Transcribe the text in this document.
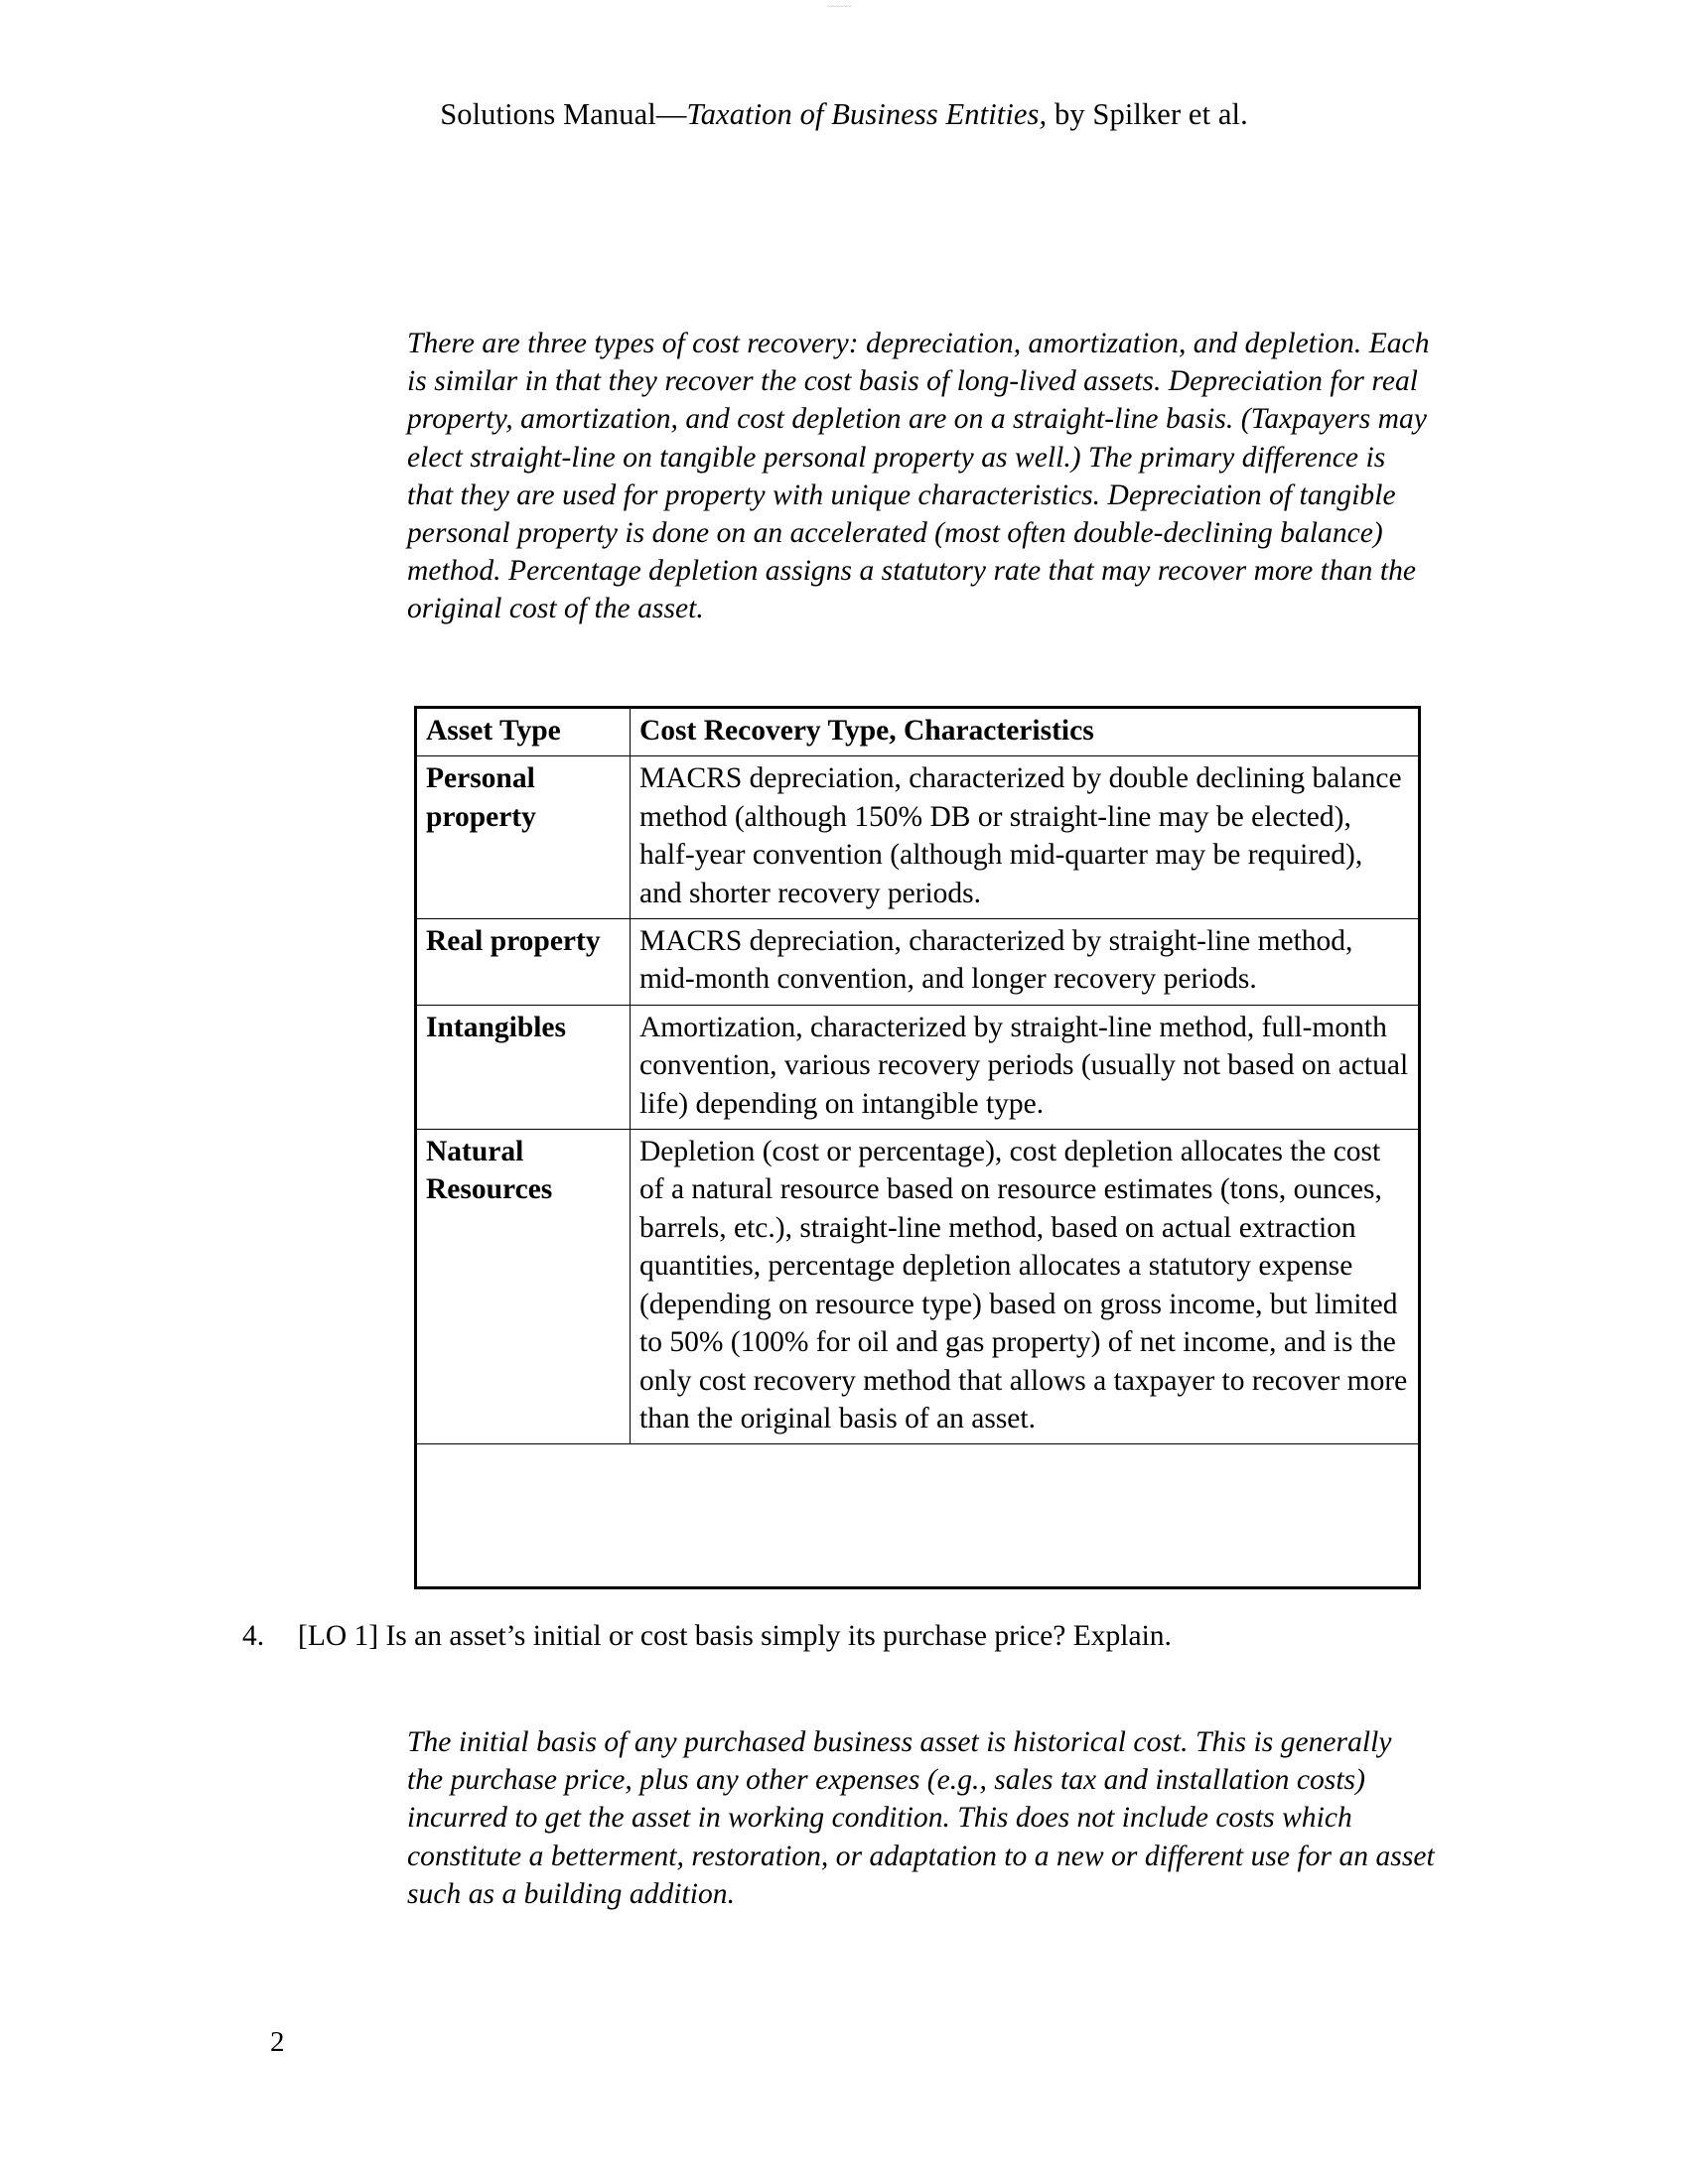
~~~~~~
Solutions Manual—Taxation of Business Entities, by Spilker et al.
There are three types of cost recovery: depreciation, amortization, and depletion. Each is similar in that they recover the cost basis of long-lived assets. Depreciation for real property, amortization, and cost depletion are on a straight-line basis. (Taxpayers may elect straight-line on tangible personal property as well.) The primary difference is that they are used for property with unique characteristics. Depreciation of tangible personal property is done on an accelerated (most often double-declining balance) method. Percentage depletion assigns a statutory rate that may recover more than the original cost of the asset.
Asset Type	Cost Recovery Type, Characteristics
Personal property	MACRS depreciation, characterized by double declining balance method (although 150% DB or straight-line may be elected), half-year convention (although mid-quarter may be required), and shorter recovery periods.
Real property	MACRS depreciation, characterized by straight-line method, mid-month convention, and longer recovery periods.
Intangibles	Amortization, characterized by straight-line method, full-month convention, various recovery periods (usually not based on actual life) depending on intangible type.
Natural Resources	Depletion (cost or percentage), cost depletion allocates the cost of a natural resource based on resource estimates (tons, ounces, barrels, etc.), straight-line method, based on actual extraction quantities, percentage depletion allocates a statutory expense (depending on resource type) based on gross income, but limited to 50% (100% for oil and gas property) of net income, and is the only cost recovery method that allows a taxpayer to recover more than the original basis of an asset.
4. [LO 1] Is an asset’s initial or cost basis simply its purchase price? Explain.
The initial basis of any purchased business asset is historical cost. This is generally the purchase price, plus any other expenses (e.g., sales tax and installation costs) incurred to get the asset in working condition. This does not include costs which constitute a betterment, restoration, or adaptation to a new or different use for an asset such as a building addition.
2
